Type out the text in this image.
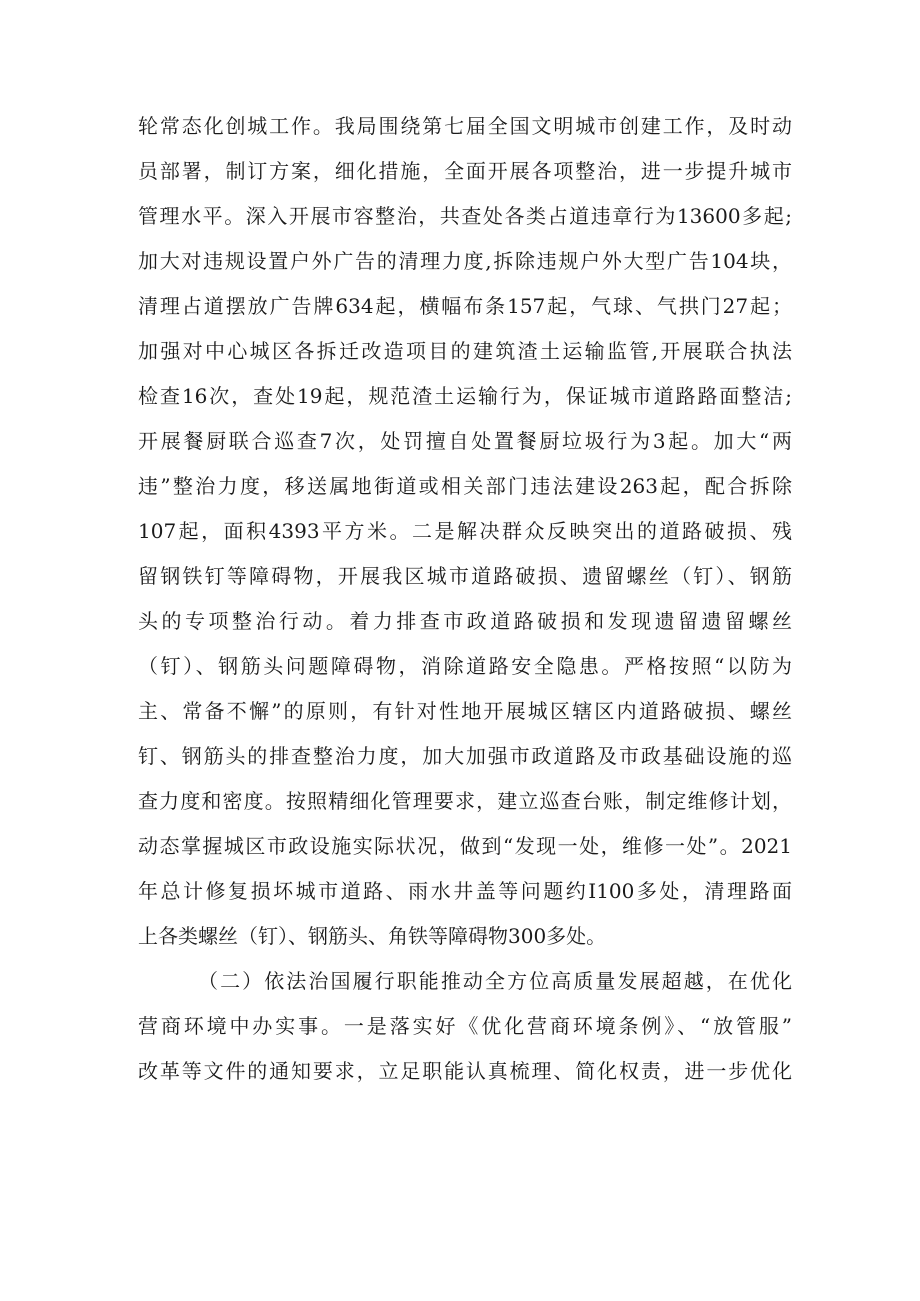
轮常态化创城工作。我局围绕第七届全国文明城市创建工作，及时动
员部署，制订方案，细化措施，全面开展各项整治，进一步提升城市
管理水平。深入开展市容整治，共查处各类占道违章行为13600多起;
加大对违规设置户外广告的清理力度,拆除违规户外大型广告104块，
清理占道摆放广告牌634起，横幅布条157起，气球、气拱门27起；
加强对中心城区各拆迁改造项目的建筑渣土运输监管,开展联合执法
检查16次，查处19起，规范渣土运输行为，保证城市道路路面整洁;
开展餐厨联合巡查7次，处罚擅自处置餐厨垃圾行为3起。加大“两
违”整治力度，移送属地街道或相关部门违法建设263起，配合拆除
107起，面积4393平方米。二是解决群众反映突出的道路破损、残
留钢铁钉等障碍物，开展我区城市道路破损、遗留螺丝（钉）、钢筋
头的专项整治行动。着力排查市政道路破损和发现遗留遗留螺丝
（钉）、钢筋头问题障碍物，消除道路安全隐患。严格按照“以防为
主、常备不懈”的原则，有针对性地开展城区辖区内道路破损、螺丝
钉、钢筋头的排查整治力度，加大加强市政道路及市政基础设施的巡
查力度和密度。按照精细化管理要求，建立巡查台账，制定维修计划，
动态掌握城区市政设施实际状况，做到“发现一处，维修一处”。2021
年总计修复损坏城市道路、雨水井盖等问题约I100多处，清理路面
上各类螺丝（钉）、钢筋头、角铁等障碍物300多处。
（二）依法治国履行职能推动全方位高质量发展超越，在优化
营商环境中办实事。一是落实好《优化营商环境条例》、“放管服”
改革等文件的通知要求，立足职能认真梳理、简化权责，进一步优化
